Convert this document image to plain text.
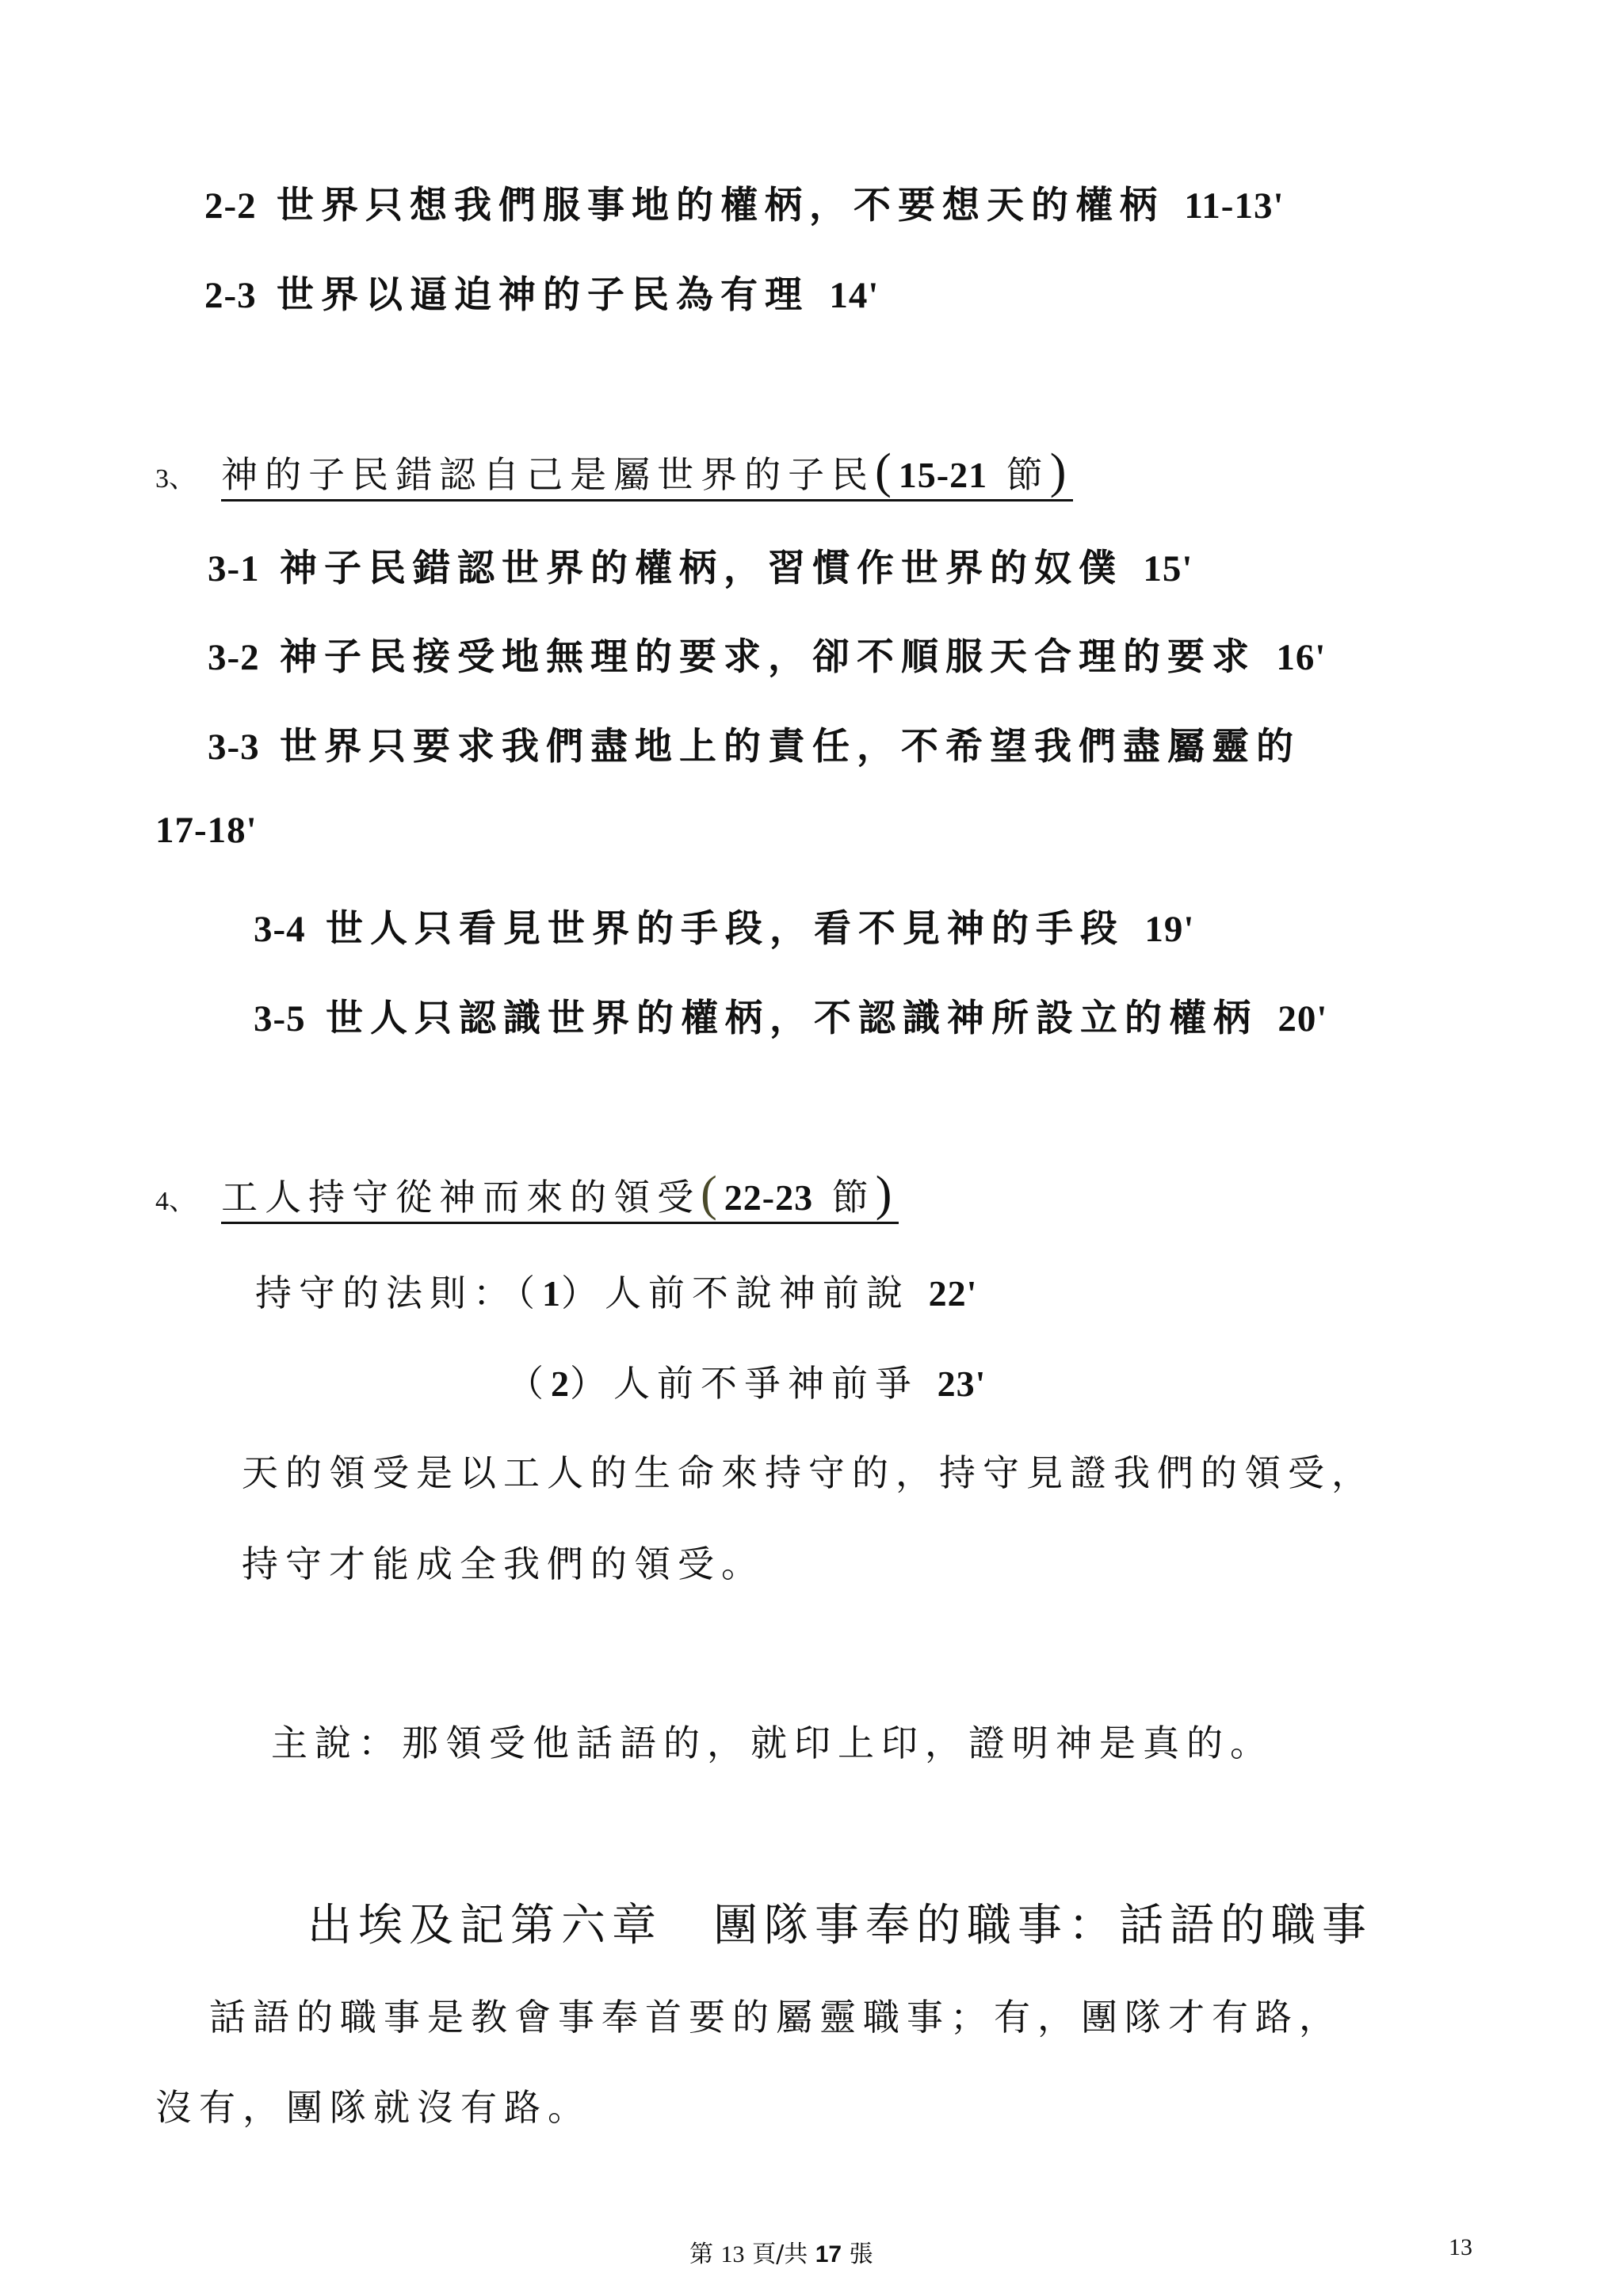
2-2 世界只想我們服事地的權柄，不要想天的權柄 11-13'
2-3 世界以逼迫神的子民為有理 14'
3、 神的子民錯認自己是屬世界的子民(15-21 節)
3-1 神子民錯認世界的權柄，習慣作世界的奴僕 15'
3-2 神子民接受地無理的要求，卻不順服天合理的要求 16'
3-3 世界只要求我們盡地上的責任，不希望我們盡屬靈的
17-18'
3-4 世人只看見世界的手段，看不見神的手段 19'
3-5 世人只認識世界的權柄，不認識神所設立的權柄 20'
4、 工人持守從神而來的領受(22-23 節)
持守的法則：（1）人前不說神前說 22'
（2）人前不爭神前爭 23'
天的領受是以工人的生命來持守的，持守見證我們的領受，
持守才能成全我們的領受。
主說：那領受他話語的，就印上印，證明神是真的。
出埃及記第六章　團隊事奉的職事：話語的職事
話語的職事是教會事奉首要的屬靈職事；有，團隊才有路，
沒有，團隊就沒有路。
第 13 頁/共 17 張	13
